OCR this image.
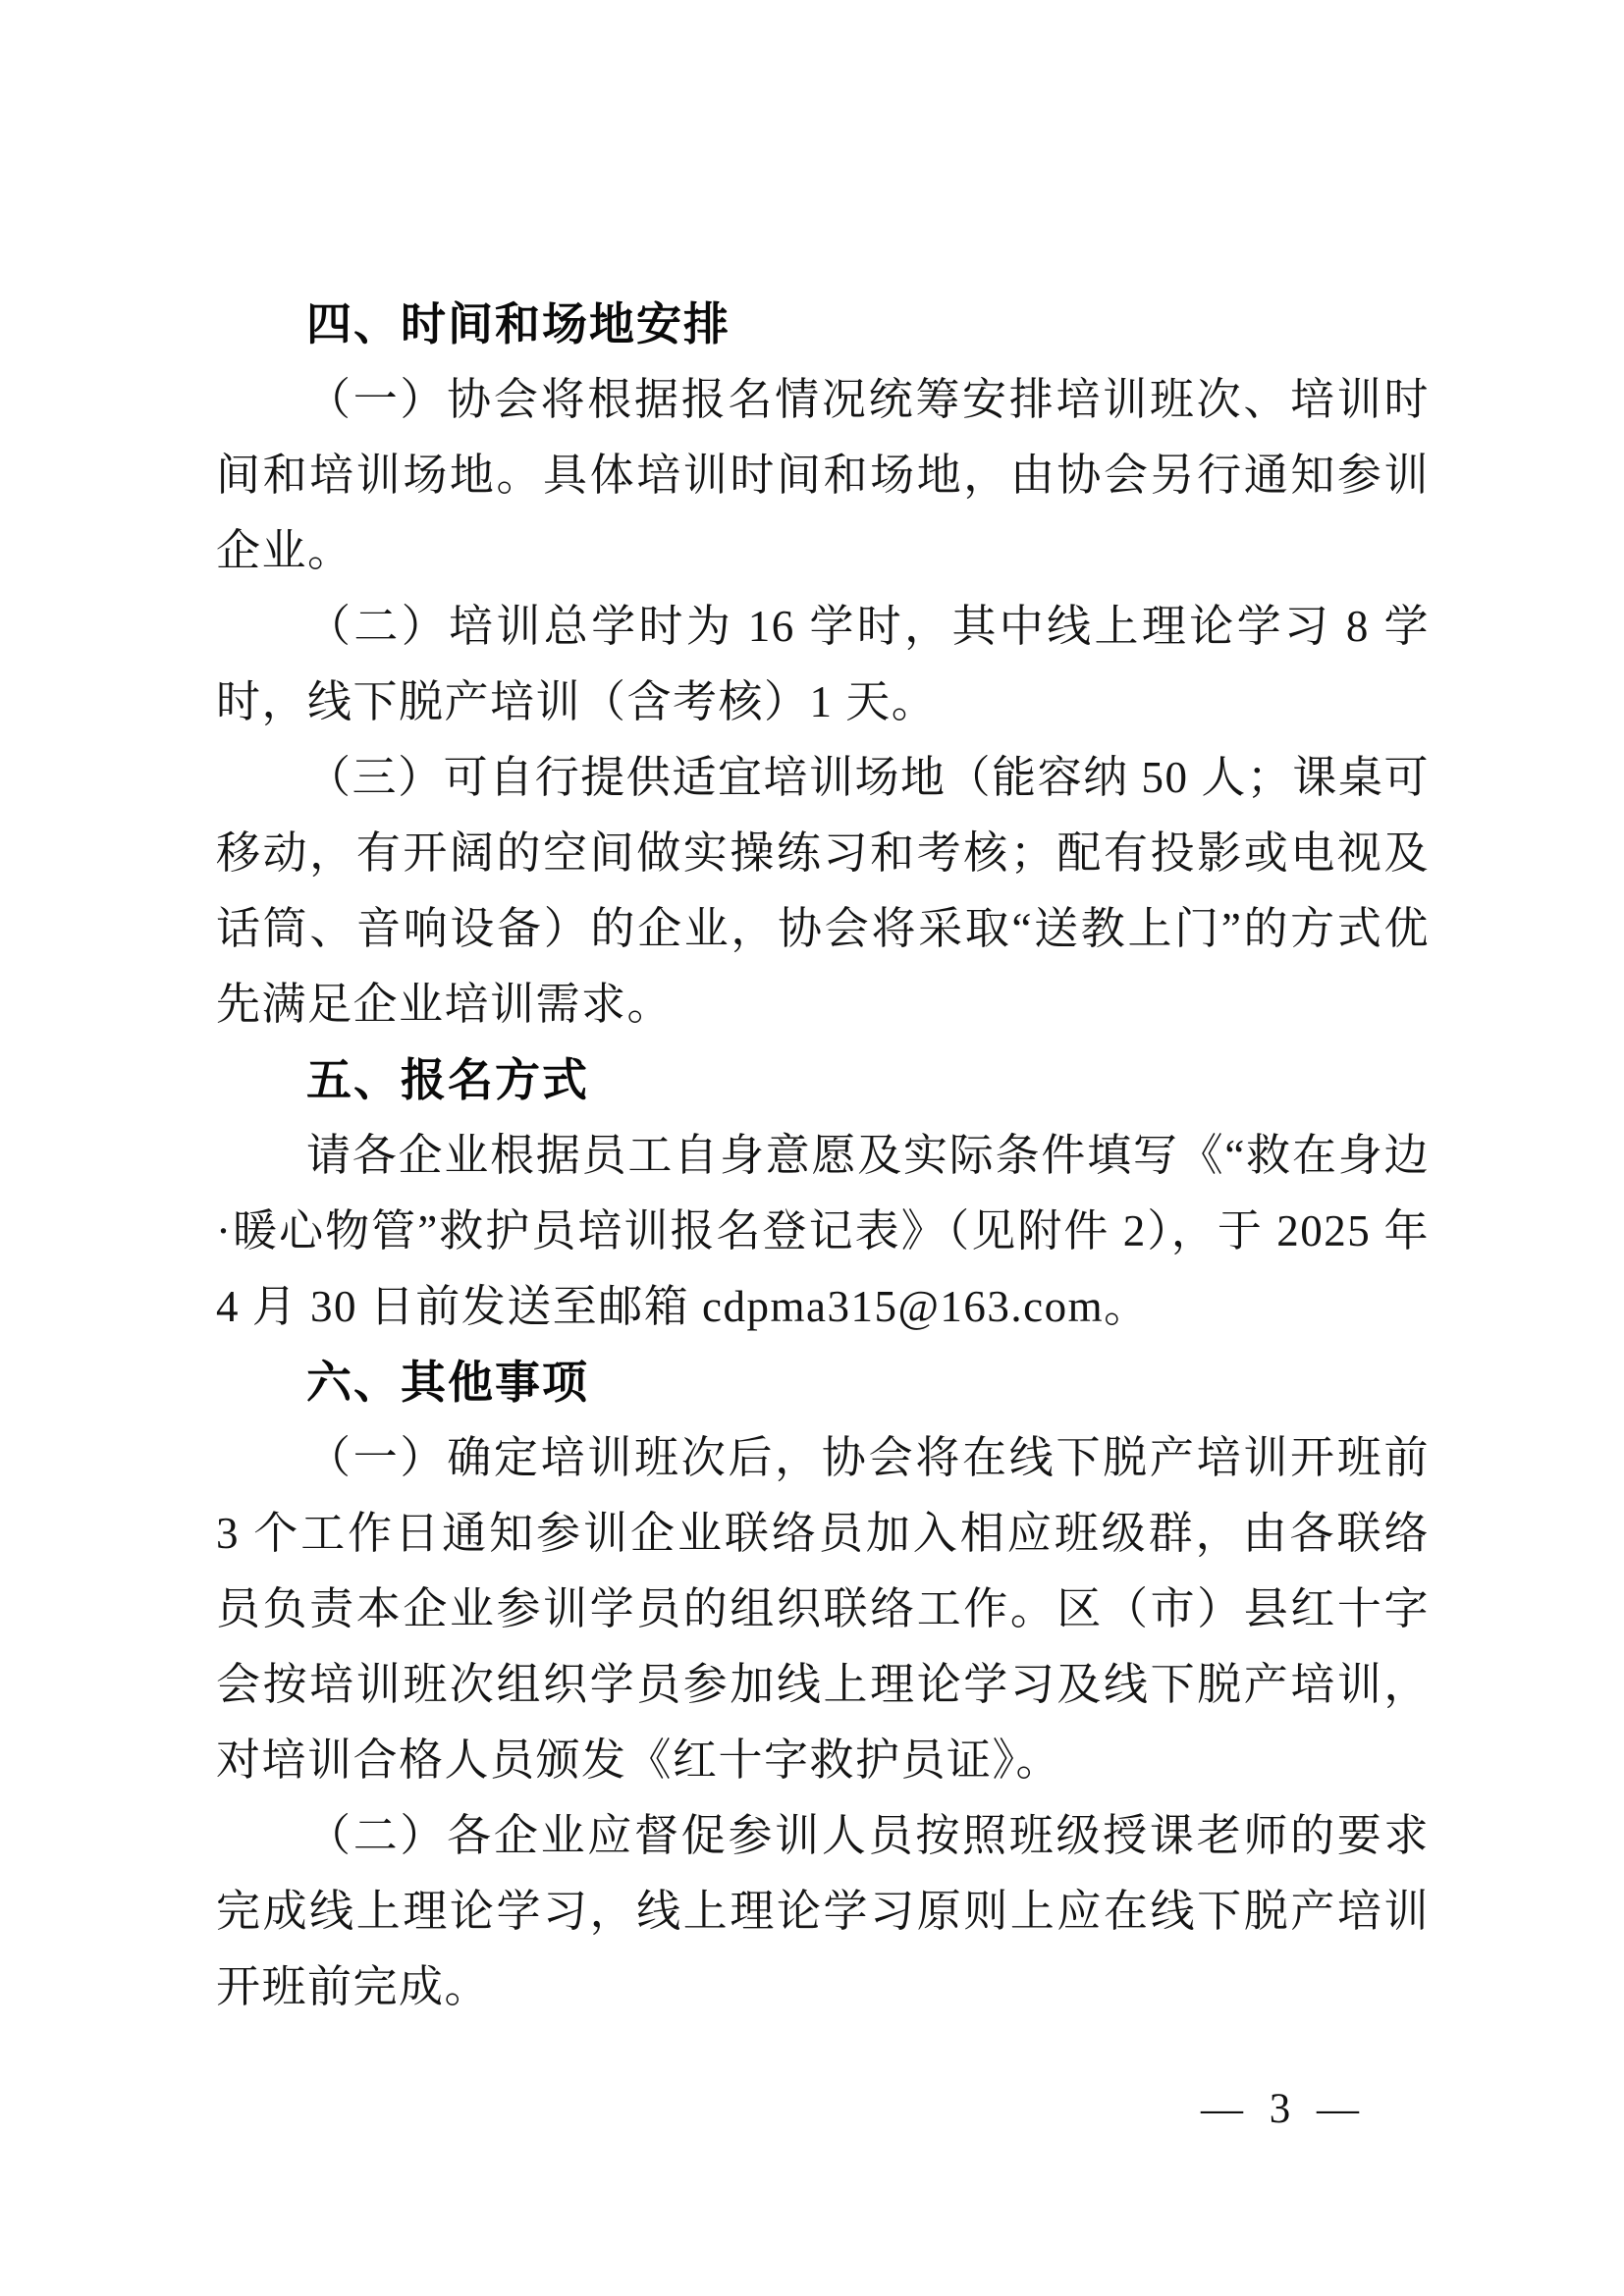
四、时间和场地安排

（一）协会将根据报名情况统筹安排培训班次、培训时间和培训场地。具体培训时间和场地，由协会另行通知参训企业。

（二）培训总学时为 16 学时，其中线上理论学习 8 学时，线下脱产培训（含考核）1 天。

（三）可自行提供适宜培训场地（能容纳 50 人；课桌可移动，有开阔的空间做实操练习和考核；配有投影或电视及话筒、音响设备）的企业，协会将采取“送教上门”的方式优先满足企业培训需求。

五、报名方式

请各企业根据员工自身意愿及实际条件填写《“救在身边·暖心物管”救护员培训报名登记表》（见附件 2），于 2025 年 4 月 30 日前发送至邮箱 cdpma315@163.com。

六、其他事项

（一）确定培训班次后，协会将在线下脱产培训开班前 3 个工作日通知参训企业联络员加入相应班级群，由各联络员负责本企业参训学员的组织联络工作。区（市）县红十字会按培训班次组织学员参加线上理论学习及线下脱产培训，对培训合格人员颁发《红十字救护员证》。

（二）各企业应督促参训人员按照班级授课老师的要求完成线上理论学习，线上理论学习原则上应在线下脱产培训开班前完成。

— 3 —
